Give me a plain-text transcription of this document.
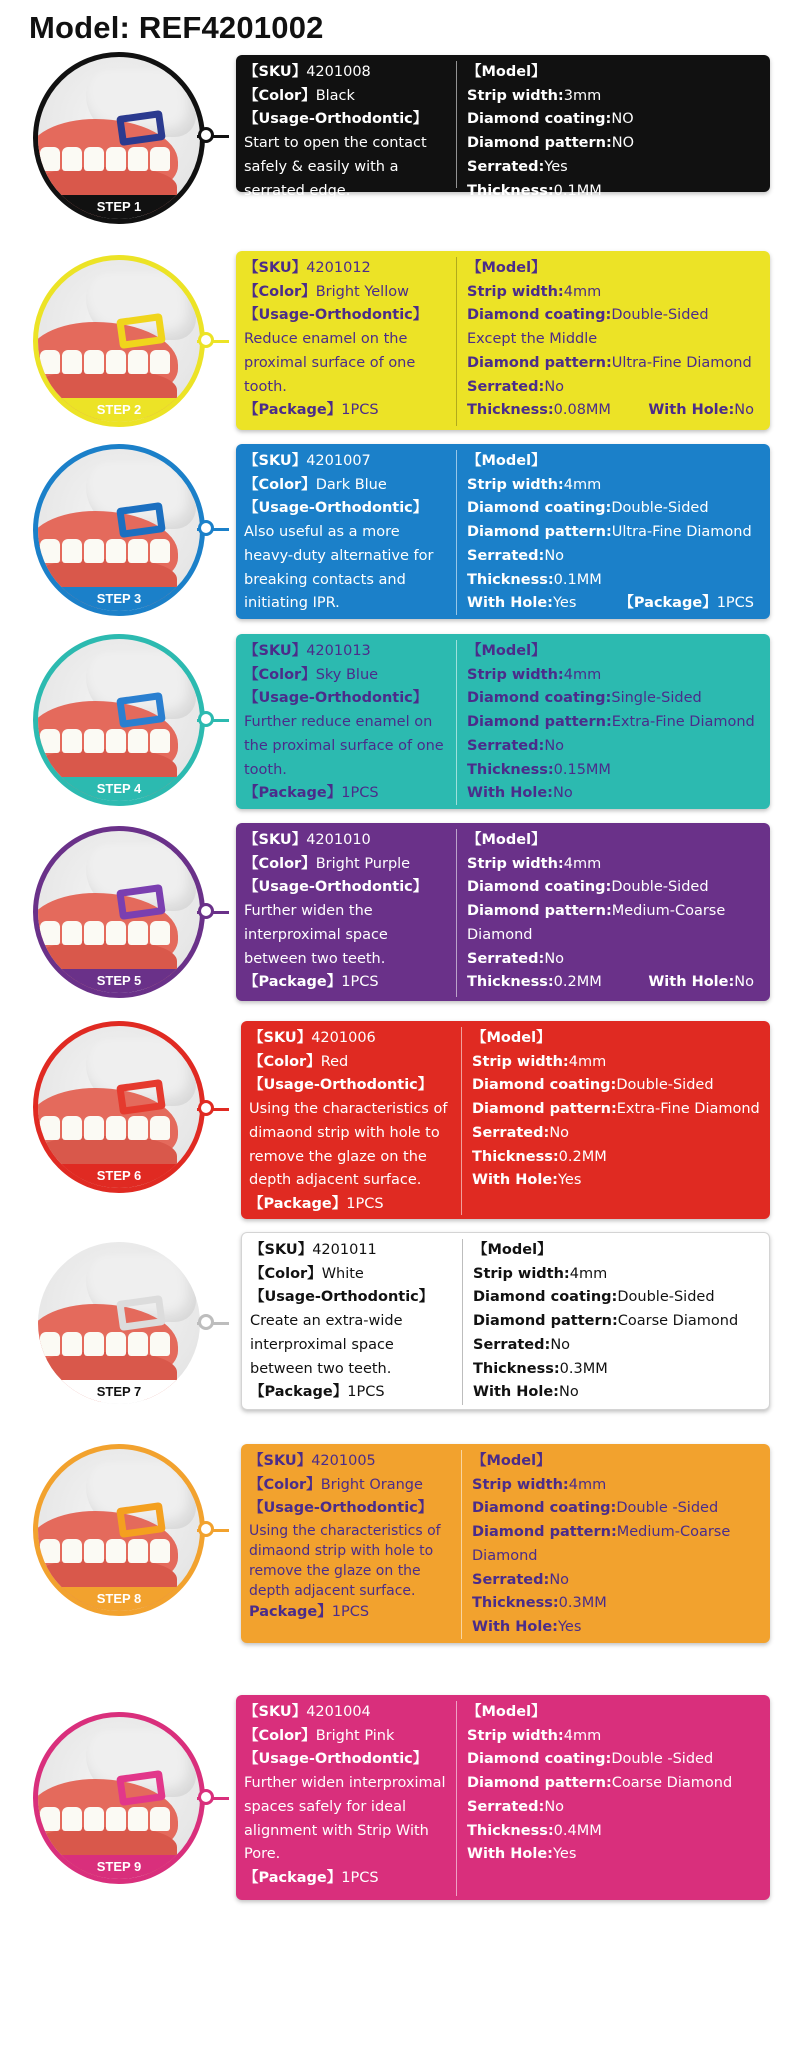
Model: REF4201002
STEP 1
【SKU】4201008
【Color】Black
【Usage-Orthodontic】
Start to open the contact safely & easily with a serrated edge.
【Package】2PCS
【Model】
Strip width:3mm
Diamond coating:NO
Diamond pattern:NO
Serrated:Yes
Thickness:0.1MM
With Hole:No
STEP 2
【SKU】4201012
【Color】Bright Yellow
【Usage-Orthodontic】
Reduce enamel on the proximal surface of one tooth.
【Package】1PCS
【Model】
Strip width:4mm
Diamond coating:Double-Sided Except the Middle
Diamond pattern:Ultra-Fine Diamond
Serrated:No
Thickness:0.08MM	With Hole:No
STEP 3
【SKU】4201007
【Color】Dark Blue
【Usage-Orthodontic】
Also useful as a more heavy-duty alternative for breaking contacts and initiating IPR.
【Model】
Strip width:4mm
Diamond coating:Double-Sided
Diamond pattern:Ultra-Fine Diamond
Serrated:No
Thickness:0.1MM
With Hole:Yes	【Package】1PCS
STEP 4
【SKU】4201013
【Color】Sky Blue
【Usage-Orthodontic】
Further reduce enamel on the proximal surface of one tooth.
【Package】1PCS
【Model】
Strip width:4mm
Diamond coating:Single-Sided
Diamond pattern:Extra-Fine Diamond
Serrated:No
Thickness:0.15MM
With Hole:No
STEP 5
【SKU】4201010
【Color】Bright Purple
【Usage-Orthodontic】
Further widen the interproximal space between two teeth.
【Package】1PCS
【Model】
Strip width:4mm
Diamond coating:Double-Sided
Diamond pattern:Medium-Coarse Diamond
Serrated:No
Thickness:0.2MM	With Hole:No
STEP 6
【SKU】4201006
【Color】Red
【Usage-Orthodontic】
Using the characteristics of dimaond strip with hole to remove the glaze on the depth adjacent surface.
【Package】1PCS
【Model】
Strip width:4mm
Diamond coating:Double-Sided
Diamond pattern:Extra-Fine Diamond
Serrated:No
Thickness:0.2MM
With Hole:Yes
STEP 7
【SKU】4201011
【Color】White
【Usage-Orthodontic】
Create an extra-wide interproximal space between two teeth.
【Package】1PCS
【Model】
Strip width:4mm
Diamond coating:Double-Sided
Diamond pattern:Coarse Diamond
Serrated:No
Thickness:0.3MM
With Hole:No
STEP 8
【SKU】4201005
【Color】Bright Orange
【Usage-Orthodontic】
Using the characteristics of dimaond strip with hole to remove the glaze on the depth adjacent surface.
Package】1PCS
【Model】
Strip width:4mm
Diamond coating:Double -Sided
Diamond pattern:Medium-Coarse Diamond
Serrated:No
Thickness:0.3MM
With Hole:Yes
STEP 9
【SKU】4201004
【Color】Bright Pink
【Usage-Orthodontic】
Further widen interproximal spaces safely for ideal alignment with Strip With Pore.
【Package】1PCS
【Model】
Strip width:4mm
Diamond coating:Double -Sided
Diamond pattern:Coarse Diamond
Serrated:No
Thickness:0.4MM
With Hole:Yes
